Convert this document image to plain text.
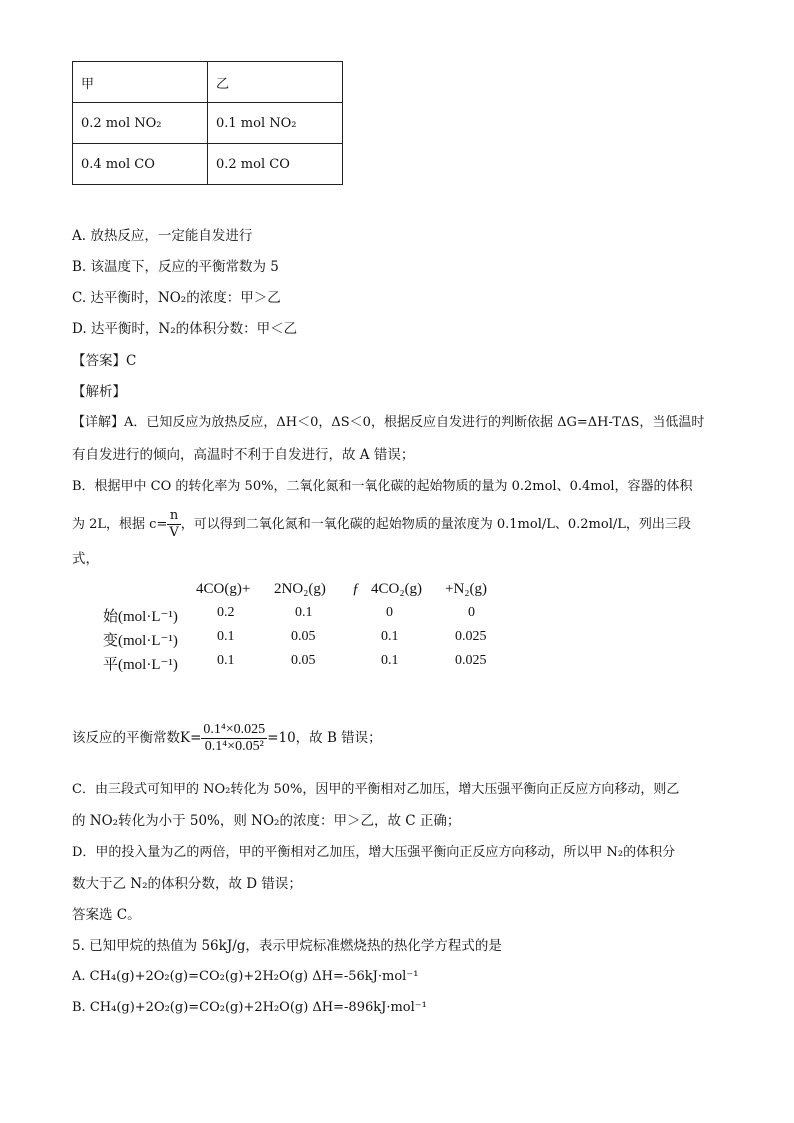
甲	乙
0.2 mol NO₂	0.1 mol NO₂
0.4 mol CO	0.2 mol CO
A. 放热反应，一定能自发进行
B. 该温度下，反应的平衡常数为 5
C. 达平衡时，NO₂的浓度：甲＞乙
D. 达平衡时，N₂的体积分数：甲＜乙
【答案】C
【解析】
【详解】A．已知反应为放热反应，ΔH＜0，ΔS＜0，根据反应自发进行的判断依据 ΔG=ΔH-TΔS，当低温时
有自发进行的倾向，高温时不利于自发进行，故 A 错误；
B．根据甲中 CO 的转化率为 50%，二氧化氮和一氧化碳的起始物质的量为 0.2mol、0.4mol，容器的体积
为 2L，根据 $c= \frac{n}{V}$ ，可以得到二氧化氮和一氧化碳的起始物质的量浓度为 0.1mol/L、0.2mol/L，列出三段
式，
4CO(g)+ 2NO₂(g) ƒ 4CO₂(g) +N₂(g)
始(mol·L⁻¹)	0.2	0.1	0	0
变(mol·L⁻¹)	0.1	0.05	0.1	0.025
平(mol·L⁻¹)	0.1	0.05	0.1	0.025
该反应的平衡常数$K= \frac{\text{0.1⁴×0.025}}{\text{0.1⁴×0.05²}} =10$，故 B 错误；
C．由三段式可知甲的 NO₂转化为 50%，因甲的平衡相对乙加压，增大压强平衡向正反应方向移动，则乙
的 NO₂转化为小于 50%，则 NO₂的浓度：甲＞乙，故 C 正确；
D．甲的投入量为乙的两倍，甲的平衡相对乙加压，增大压强平衡向正反应方向移动，所以甲 N₂的体积分
数大于乙 N₂的体积分数，故 D 错误；
答案选 C。
5. 已知甲烷的热值为 56kJ/g，表示甲烷标准燃烧热的热化学方程式的是
A. CH₄(g)+2O₂(g)=CO₂(g)+2H₂O(g) ΔH=-56kJ·mol⁻¹
B. CH₄(g)+2O₂(g)=CO₂(g)+2H₂O(g) ΔH=-896kJ·mol⁻¹
